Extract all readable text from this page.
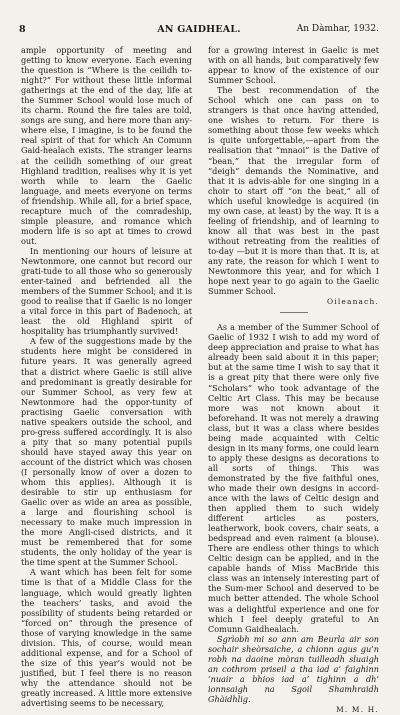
8	AN GAIDHEAL.	An Dàmhar, 1932.

ample opportunity of meeting and getting to know everyone. Each evening the question is “Where is the ceilidh to-night?” For without these little informal gatherings at the end of the day, life at the Summer School would lose much of its charm. Round the fire tales are told, songs are sung, and here more than any-where else, I imagine, is to be found the real spirit of that for which An Comunn Gaid-healach exists. The stranger learns at the ceilidh something of our great Highland tradition, realises why it is yet worth while to learn the Gaelic language, and meets everyone on terms of friendship. While all, for a brief space, recapture much of the comradeship, simple pleasure, and romance which modern life is so apt at times to crowd out.

In mentioning our hours of leisure at Newtonmore, one cannot but record our grati-tude to all those who so generously enter-tained and befriended all the members of the Summer School; and it is good to realise that if Gaelic is no longer a vital force in this part of Badenoch, at least the old Highland spirit of hospitality has triumphantly survived!

A few of the suggestions made by the students here might be considered in future years. It was generally agreed that a district where Gaelic is still alive and predominant is greatly desirable for our Summer School, as very few at Newtonmore had the oppor-tunity of practising Gaelic conversation with native speakers outside the school, and pro-gress suffered accordingly. It is also a pity that so many potential pupils should have stayed away this year on account of the district which was chosen (I personally know of over a dozen to whom this applies). Although it is desirable to stir up enthusiasm for Gaelic over as wide an area as possible, a large and flourishing school is necessary to make much impression in the more Angli-cised districts, and it must be remembered that for some students, the only holiday of the year is the time spent at the Summer School.

A want which has been felt for some time is that of a Middle Class for the language, which would greatly lighten the teachers’ tasks, and avoid the possibility of students being retarded or “forced on” through the presence of those of varying knowledge in the same division. This, of course, would mean additional expense, and for a School of the size of this year’s would not be justified, but I feel there is no reason why the attendance should not be greatly increased. A little more extensive advertising seems to be necessary,

for a growing interest in Gaelic is met with on all hands, but comparatively few appear to know of the existence of our Summer School.

The best recommendation of the School which one can pass on to strangers is that once having attended, one wishes to return. For there is something about those few weeks which is quite unforgettable,—apart from the realisation that “mnaoi” is the Dative of “bean,” that the irregular form of “deigh” demands the Nominative, and that it is advis-able for one singing in a choir to start off “on the beat,” all of which useful knowledge is acquired (in my own case, at least) by the way. It is a feeling of friendship, and of learning to know all that was best in the past without retreating from the realities of to-day —but it is more than that. It is, at any rate, the reason for which I went to Newtonmore this year, and for which I hope next year to go again to the Gaelic Summer School.

Oileanach.

As a member of the Summer School of Gaelic of 1932 I wish to add my word of deep appreciation and praise to what has already been said about it in this paper; but at the same time I wish to say that it is a great pity that there were only five “Scholars” who took advantage of the Celtic Art Class. This may be because more was not known about it beforehand. It was not merely a drawing class, but it was a class where besides being made acquainted with Celtic design in its many forms, one could learn to apply these designs as decorations to all sorts of things. This was demonstrated by the five faithful ones, who made their own designs in accord-ance with the laws of Celtic design and then applied them to such widely different articles as posters, leatherwork, book covers, chair seats, a bedspread and even raiment (a blouse). There are endless other things to which Celtic design can be applied, and in the capable hands of Miss MacBride this class was an intensely interesting part of the Sum-mer School and deserved to be much better attended. The whole School was a delightful experience and one for which I feel deeply grateful to An Comunn Gaidhealach.

Sgrìobh mi so ann am Beurla air son sochair sheòrsaiche, a chionn agus gu’n robh na daoine mòran tuilleadh sluaigh an cothrom priseil a tha iad a’ faighinn ’nuair a bhios iad a’ tighinn a dh’ ionnsaigh na Sgoil Shamhraidh Ghàidhlig.

M. M. H.
